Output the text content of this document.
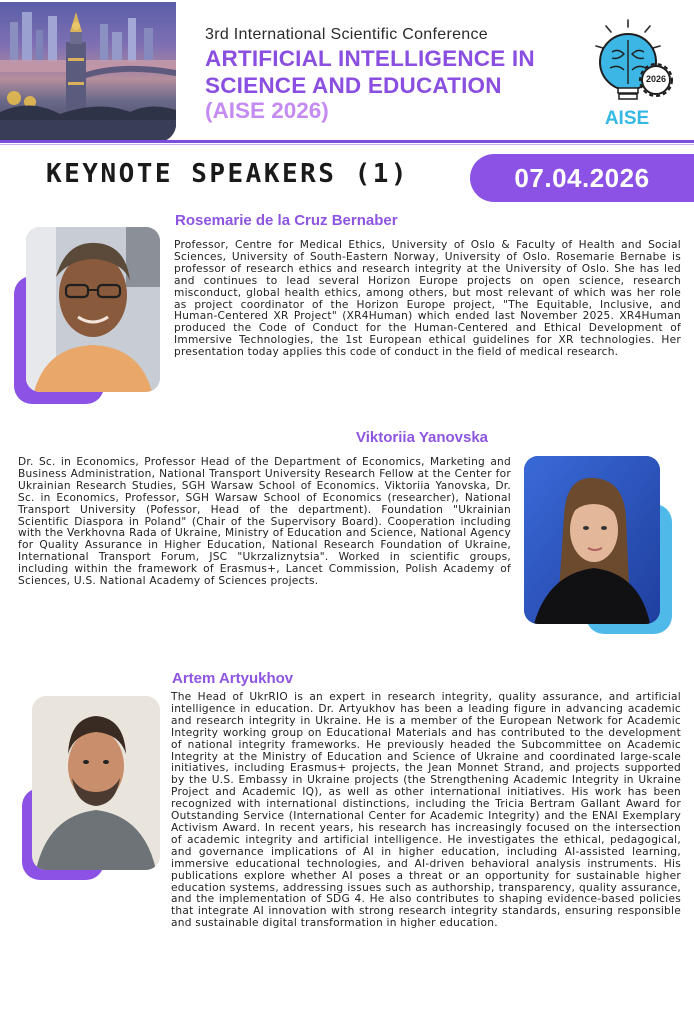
3rd International Scientific Conference
ARTIFICIAL INTELLIGENCE IN
SCIENCE AND EDUCATION
(AISE 2026)
2026
AISE
KEYNOTE SPEAKERS (1)	07.04.2026
Rosemarie de la Cruz Bernaber
Professor, Centre for Medical Ethics, University of Oslo & Faculty of Health and Social Sciences, University of South-Eastern Norway, University of Oslo. Rosemarie Bernabe is professor of research ethics and research integrity at the University of Oslo. She has led and continues to lead several Horizon Europe projects on open science, research misconduct, global health ethics, among others, but most relevant of which was her role as project coordinator of the Horizon Europe project, "The Equitable, Inclusive, and Human-Centered XR Project" (XR4Human) which ended last November 2025. XR4Human produced the Code of Conduct for the Human-Centered and Ethical Development of Immersive Technologies, the 1st European ethical guidelines for XR technologies. Her presentation today applies this code of conduct in the field of medical research.
Viktoriia Yanovska
Dr. Sc. in Economics, Professor Head of the Department of Economics, Marketing and Business Administration, National Transport University Research Fellow at the Center for Ukrainian Research Studies, SGH Warsaw School of Economics. Viktoriia Yanovska, Dr. Sc. in Economics, Professor, SGH Warsaw School of Economics (researcher), National Transport University (Pofessor, Head of the department). Foundation "Ukrainian Scientific Diaspora in Poland" (Chair of the Supervisory Board). Cooperation including with the Verkhovna Rada of Ukraine, Ministry of Education and Science, National Agency for Quality Assurance in Higher Education, National Research Foundation of Ukraine, International Transport Forum, JSC "Ukrzaliznytsia". Worked in scientific groups, including within the framework of Erasmus+, Lancet Commission, Polish Academy of Sciences, U.S. National Academy of Sciences projects.
Artem Artyukhov
The Head of UkrRIO is an expert in research integrity, quality assurance, and artificial intelligence in education. Dr. Artyukhov has been a leading figure in advancing academic and research integrity in Ukraine. He is a member of the European Network for Academic Integrity working group on Educational Materials and has contributed to the development of national integrity frameworks. He previously headed the Subcommittee on Academic Integrity at the Ministry of Education and Science of Ukraine and coordinated large-scale initiatives, including Erasmus+ projects, the Jean Monnet Strand, and projects supported by the U.S. Embassy in Ukraine projects (the Strengthening Academic Integrity in Ukraine Project and Academic IQ), as well as other international initiatives. His work has been recognized with international distinctions, including the Tricia Bertram Gallant Award for Outstanding Service (International Center for Academic Integrity) and the ENAI Exemplary Activism Award. In recent years, his research has increasingly focused on the intersection of academic integrity and artificial intelligence. He investigates the ethical, pedagogical, and governance implications of AI in higher education, including AI-assisted learning, immersive educational technologies, and AI-driven behavioral analysis instruments. His publications explore whether AI poses a threat or an opportunity for sustainable higher education systems, addressing issues such as authorship, transparency, quality assurance, and the implementation of SDG 4. He also contributes to shaping evidence-based policies that integrate AI innovation with strong research integrity standards, ensuring responsible and sustainable digital transformation in higher education.
